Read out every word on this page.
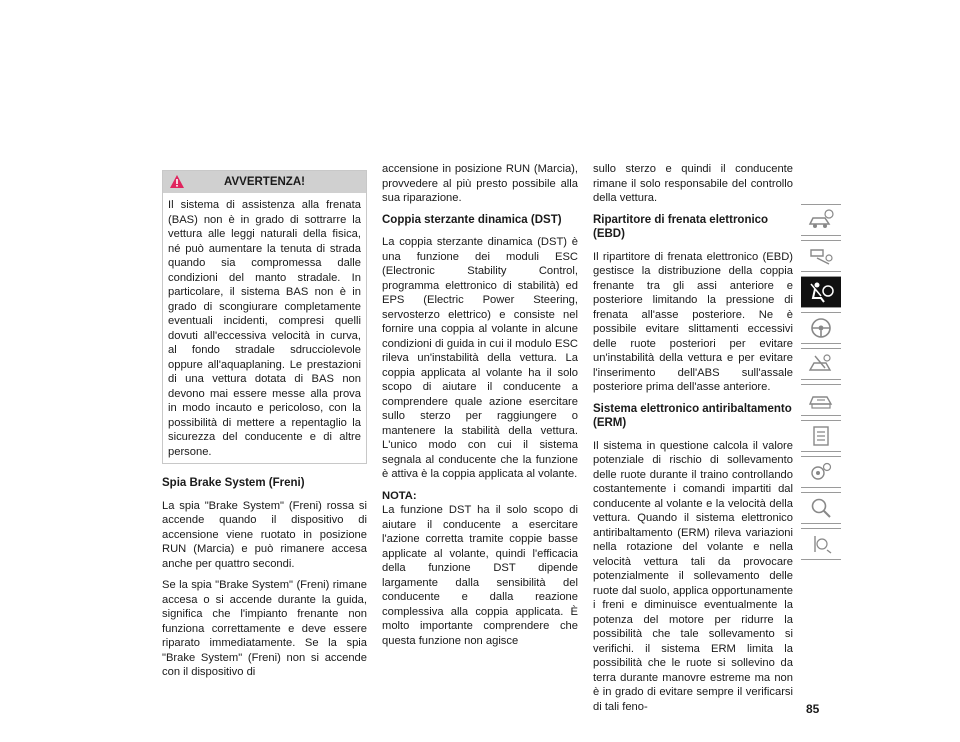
AVVERTENZA!

Il sistema di assistenza alla frenata (BAS) non è in grado di sottrarre la vettura alle leggi naturali della fisica, né può aumentare la tenuta di strada quando sia compromessa dalle condizioni del manto stradale. In particolare, il sistema BAS non è in grado di scongiurare completamente eventuali incidenti, compresi quelli dovuti all'eccessiva velocità in curva, al fondo stradale sdrucciolevole oppure all'aquaplaning. Le prestazioni di una vettura dotata di BAS non devono mai essere messe alla prova in modo incauto e pericoloso, con la possibilità di mettere a repentaglio la sicurezza del conducente e di altre persone.

Spia Brake System (Freni)

La spia "Brake System" (Freni) rossa si accende quando il dispositivo di accensione viene ruotato in posizione RUN (Marcia) e può rimanere accesa anche per quattro secondi.

Se la spia "Brake System" (Freni) rimane accesa o si accende durante la guida, significa che l'impianto frenante non funziona correttamente e deve essere riparato immediatamente. Se la spia "Brake System" (Freni) non si accende con il dispositivo di

accensione in posizione RUN (Marcia), provvedere al più presto possibile alla sua riparazione.

Coppia sterzante dinamica (DST)

La coppia sterzante dinamica (DST) è una funzione dei moduli ESC (Electronic Stability Control, programma elettronico di stabilità) ed EPS (Electric Power Steering, servosterzo elettrico) e consiste nel fornire una coppia al volante in alcune condizioni di guida in cui il modulo ESC rileva un'instabilità della vettura. La coppia applicata al volante ha il solo scopo di aiutare il conducente a comprendere quale azione esercitare sullo sterzo per raggiungere o mantenere la stabilità della vettura. L'unico modo con cui il sistema segnala al conducente che la funzione è attiva è la coppia applicata al volante.

NOTA:

La funzione DST ha il solo scopo di aiutare il conducente a esercitare l'azione corretta tramite coppie basse applicate al volante, quindi l'efficacia della funzione DST dipende largamente dalla sensibilità del conducente e dalla reazione complessiva alla coppia applicata. È molto importante comprendere che questa funzione non agisce

sullo sterzo e quindi il conducente rimane il solo responsabile del controllo della vettura.

Ripartitore di frenata elettronico (EBD)

Il ripartitore di frenata elettronico (EBD) gestisce la distribuzione della coppia frenante tra gli assi anteriore e posteriore limitando la pressione di frenata all'asse posteriore. Ne è possibile evitare slittamenti eccessivi delle ruote posteriori per evitare un'instabilità della vettura e per evitare l'inserimento dell'ABS sull'assale posteriore prima dell'asse anteriore.

Sistema elettronico antiribaltamento (ERM)

Il sistema in questione calcola il valore potenziale di rischio di sollevamento delle ruote durante il traino controllando costantemente i comandi impartiti dal conducente al volante e la velocità della vettura. Quando il sistema elettronico antiribaltamento (ERM) rileva variazioni nella rotazione del volante e nella velocità vettura tali da provocare potenzialmente il sollevamento delle ruote dal suolo, applica opportunamente i freni e diminuisce eventualmente la potenza del motore per ridurre la possibilità che tale sollevamento si verifichi. il sistema ERM limita la possibilità che le ruote si sollevino da terra durante manovre estreme ma non è in grado di evitare sempre il verificarsi di tali feno-	85
